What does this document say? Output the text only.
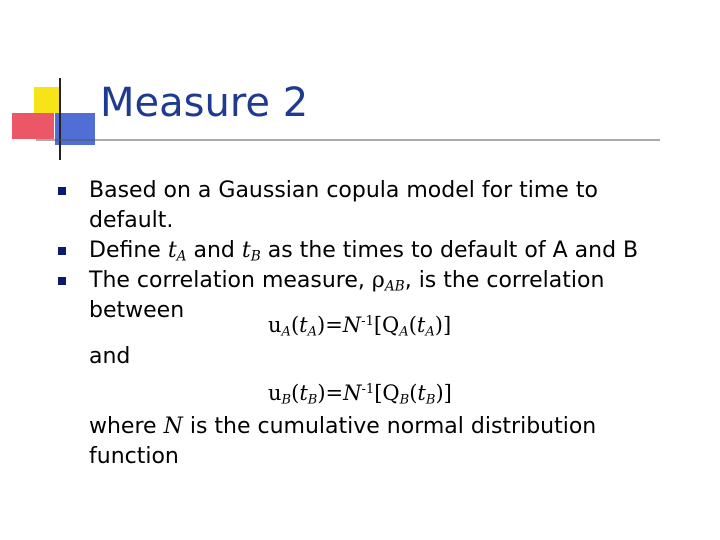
Measure 2

Based on a Gaussian copula model for time to default.

Define $t_A$ and $t_B$ as the times to default of A and B

The correlation measure, $\rho_{AB}$, is the correlation
between

$u_A(t_A)=N^{-1}[Q_A(t_A)]$
and
$u_B(t_B)=N^{-1}[Q_B(t_B)]$
where N is the cumulative normal distribution
function
